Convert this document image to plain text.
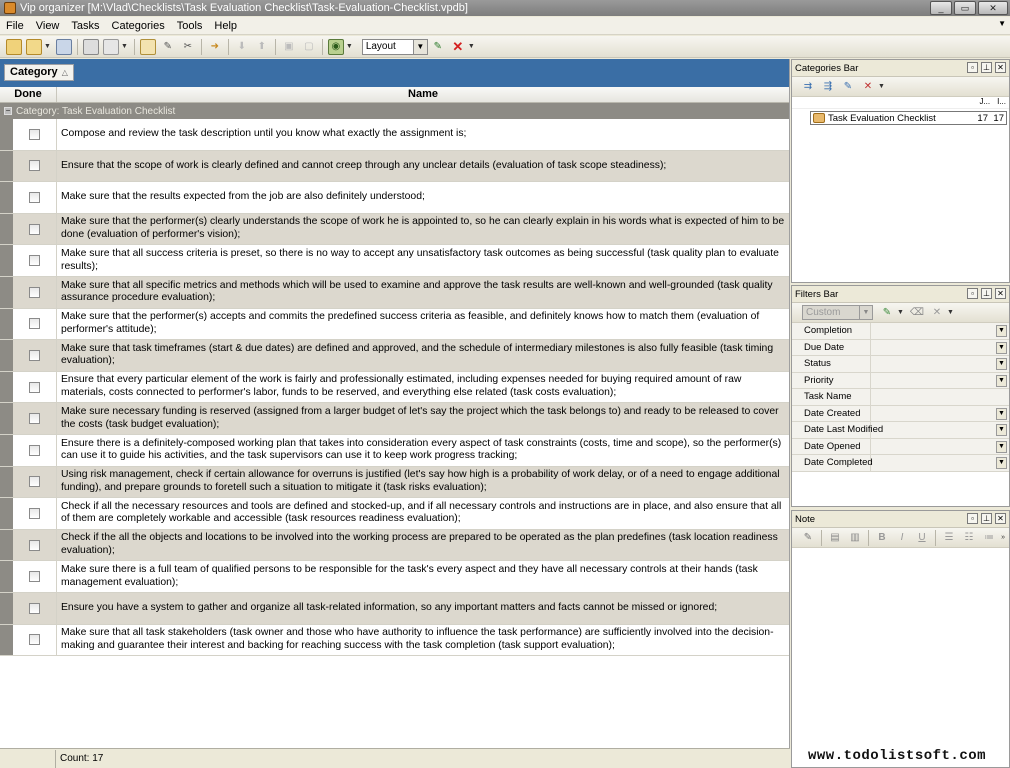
Vip organizer [M:\Vlad\Checklists\Task Evaluation Checklist\Task-Evaluation-Checklist.vpdb]	_	▭	✕
File	View	Tasks	Categories	Tools	Help	▼
▼	▼	✎	✂	➜	⬇	⬆	▣	▢	◉ ▼	Layout	▼ ✎ ✕ ▼
Category △
Done	Name
− Category: Task Evaluation Checklist
Compose and review the task description until you know what exactly the assignment is;
Ensure that the scope of work is clearly defined and cannot creep through any unclear details (evaluation of task scope steadiness);
Make sure that the results expected from the job are also definitely understood;
Make sure that the performer(s) clearly understands the scope of work he is appointed to, so he can clearly explain in his words what is expected of him to be done (evaluation of performer's vision);
Make sure that all success criteria is preset, so there is no way to accept any unsatisfactory task outcomes as being successful (task quality plan to evaluate results);
Make sure that all specific metrics and methods which will be used to examine and approve the task results are well-known and well-grounded (task quality assurance procedure evaluation);
Make sure that the performer(s) accepts and commits the predefined success criteria as feasible, and definitely knows how to match them (evaluation of performer's attitude);
Make sure that task timeframes (start & due dates) are defined and approved, and the schedule of intermediary milestones is also fully feasible (task timing evaluation);
Ensure that every particular element of the work is fairly and professionally estimated, including expenses needed for buying required amount of raw materials, costs connected to performer's labor, funds to be reserved, and everything else related (task costs evaluation);
Make sure necessary funding is reserved (assigned from a larger budget of let's say the project which the task belongs to) and ready to be released to cover the costs (task budget evaluation);
Ensure there is a definitely-composed working plan that takes into consideration every aspect of task constraints (costs, time and scope), so the performer(s) can use it to guide his activities, and the task supervisors can use it to keep work progress tracking;
Using risk management, check if certain allowance for overruns is justified (let's say how high is a probability of work delay, or of a need to engage additional funding), and prepare grounds to foretell such a situation to mitigate it (task risks evaluation);
Check if all the necessary resources and tools are defined and stocked-up, and if all necessary controls and instructions are in place, and also ensure that all of them are completely workable and accessible (task resources readiness evaluation);
Check if the all the objects and locations to be involved into the working process are prepared to be operated as the plan predefines (task location readiness evaluation);
Make sure there is a full team of qualified persons to be responsible for the task's every aspect and they have all necessary controls at their hands (task management evaluation);
Ensure you have a system to gather and organize all task-related information, so any important matters and facts cannot be missed or ignored;
Make sure that all task stakeholders (task owner and those who have authority to influence the task performance) are sufficiently involved into the decision-making and guarantee their interest and backing for reaching success with the task completion (task support evaluation);
Count: 17
Categories Bar	▫	⊥ ✕
⇉	⇶	✎	✕ ▼
J... I...
Task Evaluation Checklist	17 17
Filters Bar	▫	⊥ ✕
Custom	▼	✎ ▼ ⌫ ✕ ▼
Completion	▼
Due Date	▼
Status	▼
Priority	▼
Task Name
Date Created	▼
Date Last Modified	▼
Date Opened	▼
Date Completed	▼
Note	▫	⊥ ✕
✎	▤	▥	B	I	U	☰	☷	≔	»
www.todolistsoft.com
